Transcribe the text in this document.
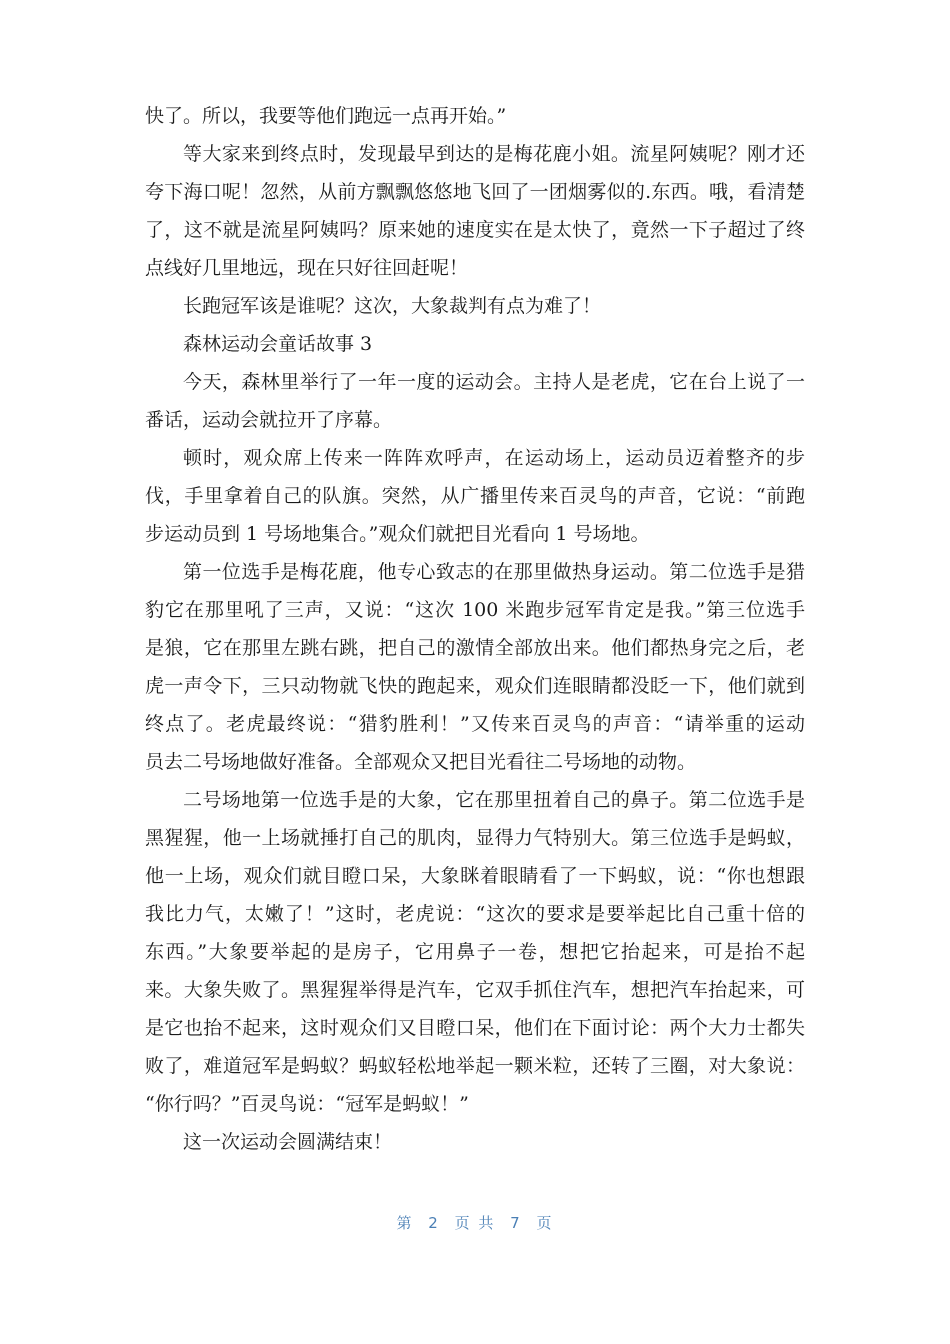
快了。所以，我要等他们跑远一点再开始。”
等大家来到终点时，发现最早到达的是梅花鹿小姐。流星阿姨呢？刚才还
夸下海口呢！忽然，从前方飘飘悠悠地飞回了一团烟雾似的.东西。哦，看清楚
了，这不就是流星阿姨吗？原来她的速度实在是太快了，竟然一下子超过了终
点线好几里地远，现在只好往回赶呢！
长跑冠军该是谁呢？这次，大象裁判有点为难了！
森林运动会童话故事 3
今天，森林里举行了一年一度的运动会。主持人是老虎，它在台上说了一
番话，运动会就拉开了序幕。
顿时，观众席上传来一阵阵欢呼声，在运动场上，运动员迈着整齐的步
伐，手里拿着自己的队旗。突然，从广播里传来百灵鸟的声音，它说：“前跑
步运动员到 1 号场地集合。”观众们就把目光看向 1 号场地。
第一位选手是梅花鹿，他专心致志的在那里做热身运动。第二位选手是猎
豹它在那里吼了三声，又说：“这次 100 米跑步冠军肯定是我。”第三位选手
是狼，它在那里左跳右跳，把自己的激情全部放出来。他们都热身完之后，老
虎一声令下，三只动物就飞快的跑起来，观众们连眼睛都没眨一下，他们就到
终点了。老虎最终说：“猎豹胜利！”又传来百灵鸟的声音：“请举重的运动
员去二号场地做好准备。全部观众又把目光看往二号场地的动物。
二号场地第一位选手是的大象，它在那里扭着自己的鼻子。第二位选手是
黑猩猩，他一上场就捶打自己的肌肉，显得力气特别大。第三位选手是蚂蚁，
他一上场，观众们就目瞪口呆，大象眯着眼睛看了一下蚂蚁，说：“你也想跟
我比力气，太嫩了！”这时，老虎说：“这次的要求是要举起比自己重十倍的
东西。”大象要举起的是房子，它用鼻子一卷，想把它抬起来，可是抬不起
来。大象失败了。黑猩猩举得是汽车，它双手抓住汽车，想把汽车抬起来，可
是它也抬不起来，这时观众们又目瞪口呆，他们在下面讨论：两个大力士都失
败了，难道冠军是蚂蚁？蚂蚁轻松地举起一颗米粒，还转了三圈，对大象说：
“你行吗？”百灵鸟说：“冠军是蚂蚁！”
这一次运动会圆满结束！
第 2 页 共 7 页
